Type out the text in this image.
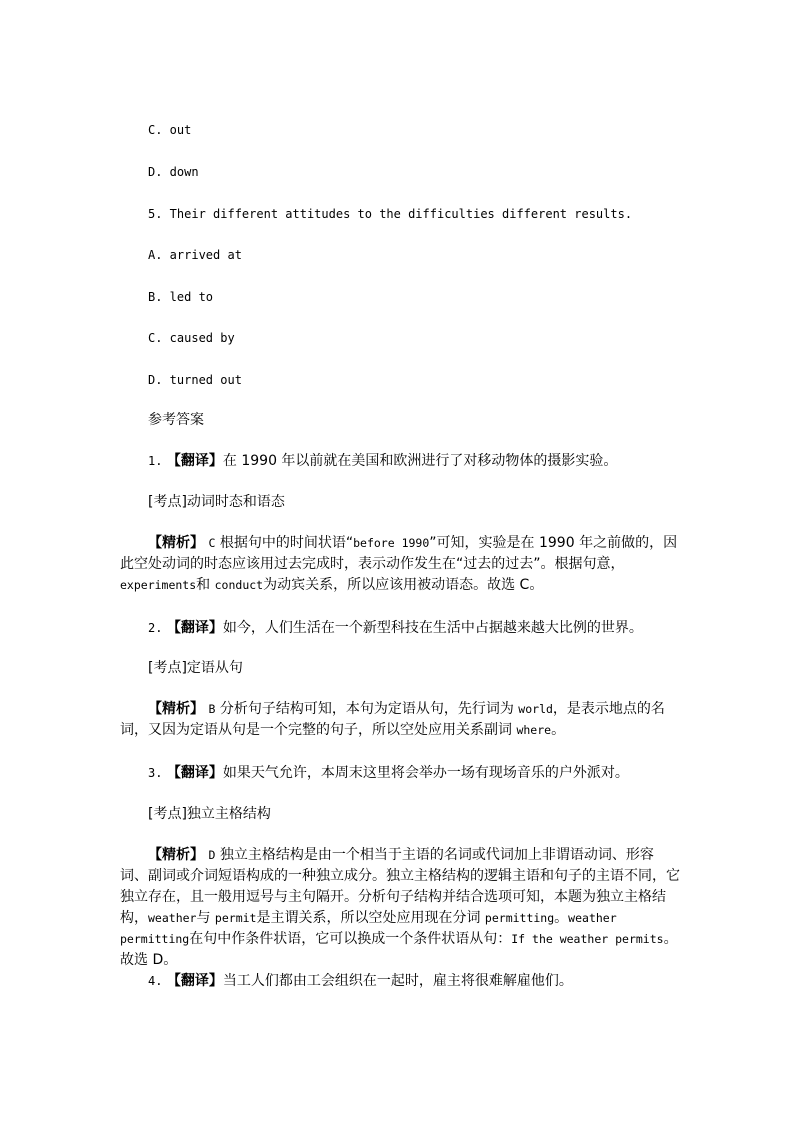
C. out
D. down
5. Their different attitudes to the difficulties different results.
A. arrived at
B. led to
C. caused by
D. turned out
参考答案
1. 【翻译】在 1990 年以前就在美国和欧洲进行了对移动物体的摄影实验。
[考点]动词时态和语态
【精析】 C 根据句中的时间状语“before 1990”可知，实验是在 1990 年之前做的，因此空处动词的时态应该用过去完成时，表示动作发生在“过去的过去”。根据句意，experiments和 conduct为动宾关系，所以应该用被动语态。故选 C。
2. 【翻译】如今，人们生活在一个新型科技在生活中占据越来越大比例的世界。
[考点]定语从句
【精析】 B 分析句子结构可知，本句为定语从句，先行词为 world，是表示地点的名词，又因为定语从句是一个完整的句子，所以空处应用关系副词 where。
3. 【翻译】如果天气允许，本周末这里将会举办一场有现场音乐的户外派对。
[考点]独立主格结构
【精析】 D 独立主格结构是由一个相当于主语的名词或代词加上非谓语动词、形容词、副词或介词短语构成的一种独立成分。独立主格结构的逻辑主语和句子的主语不同，它独立存在，且一般用逗号与主句隔开。分析句子结构并结合选项可知，本题为独立主格结构，weather与 permit是主谓关系，所以空处应用现在分词 permitting。weather permitting在句中作条件状语，它可以换成一个条件状语从句：If the weather permits。故选 D。
4. 【翻译】当工人们都由工会组织在一起时，雇主将很难解雇他们。
